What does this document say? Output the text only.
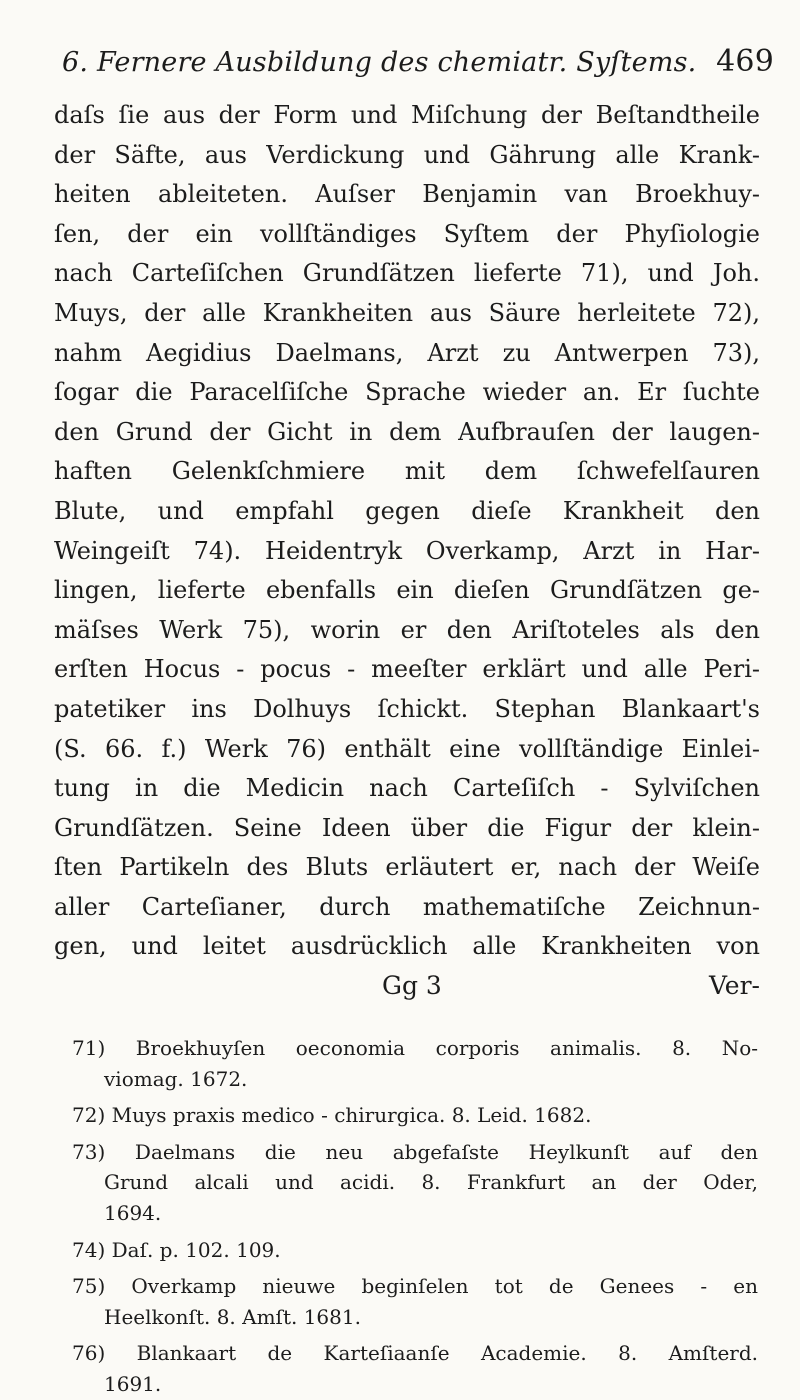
6. Fernere Ausbildung des chemiatr. Syſtems. 469
daſs ſie aus der Form und Miſchung der Beſtandtheile
der Säfte, aus Verdickung und Gährung alle Krank-
heiten ableiteten. Auſser Benjamin van Broekhuy-
ſen, der ein vollſtändiges Syſtem der Phyſiologie
nach Carteſiſchen Grundſätzen lieferte 71), und Joh.
Muys, der alle Krankheiten aus Säure herleitete 72),
nahm Aegidius Daelmans, Arzt zu Antwerpen 73),
ſogar die Paracelſiſche Sprache wieder an. Er ſuchte
den Grund der Gicht in dem Aufbrauſen der laugen-
haften Gelenkſchmiere mit dem ſchwefelſauren
Blute, und empfahl gegen dieſe Krankheit den
Weingeiſt 74). Heidentryk Overkamp, Arzt in Har-
lingen, lieferte ebenfalls ein dieſen Grundſätzen ge-
mäſses Werk 75), worin er den Ariſtoteles als den
erſten Hocus - pocus - meeſter erklärt und alle Peri-
patetiker ins Dolhuys ſchickt. Stephan Blankaart's
(S. 66. f.) Werk 76) enthält eine vollſtändige Einlei-
tung in die Medicin nach Carteſiſch - Sylviſchen
Grundſätzen. Seine Ideen über die Figur der klein-
ſten Partikeln des Bluts erläutert er, nach der Weiſe
aller Carteſianer, durch mathematiſche Zeichnun-
gen, und leitet ausdrücklich alle Krankheiten von
Gg 3	Ver-
71) Broekhuyſen oeconomia corporis animalis. 8. No-
viomag. 1672.
72) Muys praxis medico - chirurgica. 8. Leid. 1682.
73) Daelmans die neu abgefaſste Heylkunſt auf den
Grund alcali und acidi. 8. Frankfurt an der Oder,
1694.
74) Daſ. p. 102. 109.
75) Overkamp nieuwe beginſelen tot de Genees - en
Heelkonſt. 8. Amſt. 1681.
76) Blankaart de Karteſiaanſe Academie. 8. Amſterd.
1691.
